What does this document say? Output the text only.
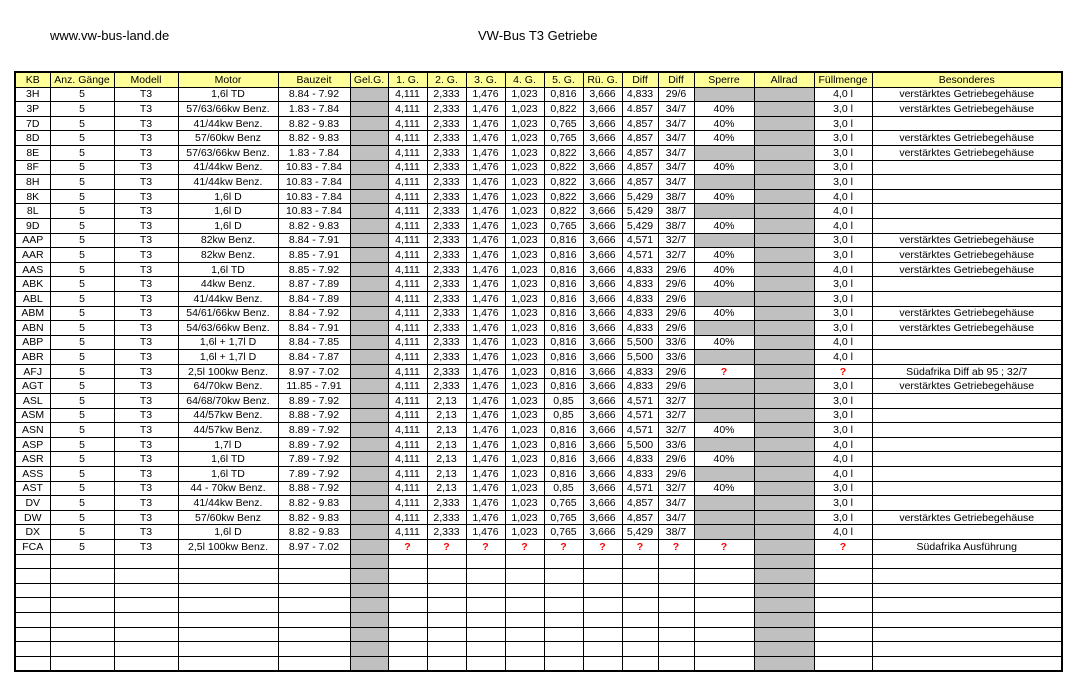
www.vw-bus-land.de	VW-Bus T3 Getriebe
KB	Anz. Gänge	Modell	Motor	Bauzeit	Gel.G.	1. G.	2. G.	3. G.	4. G.	5. G.	Rü. G.	Diff	Diff	Sperre	Allrad	Füllmenge	Besonderes
3H	5	T3	1,6l TD	8.84 - 7.92		4,111	2,333	1,476	1,023	0,816	3,666	4,833	29/6			4,0 l	verstärktes Getriebegehäuse
3P	5	T3	57/63/66kw Benz.	1.83 - 7.84		4,111	2,333	1,476	1,023	0,822	3,666	4.857	34/7	40%		3,0 l	verstärktes Getriebegehäuse
7D	5	T3	41/44kw Benz.	8.82 - 9.83		4,111	2,333	1,476	1,023	0,765	3,666	4,857	34/7	40%		3,0 l	
8D	5	T3	57/60kw Benz	8.82 - 9.83		4,111	2,333	1,476	1,023	0,765	3,666	4,857	34/7	40%		3,0 l	verstärktes Getriebegehäuse
8E	5	T3	57/63/66kw Benz.	1.83 - 7.84		4,111	2,333	1,476	1,023	0,822	3,666	4,857	34/7			3,0 l	verstärktes Getriebegehäuse
8F	5	T3	41/44kw Benz.	10.83 - 7.84		4,111	2,333	1,476	1,023	0,822	3,666	4,857	34/7	40%		3,0 l	
8H	5	T3	41/44kw Benz.	10.83 - 7.84		4,111	2,333	1,476	1,023	0,822	3,666	4,857	34/7			3,0 l	
8K	5	T3	1,6l D	10.83 - 7.84		4,111	2,333	1,476	1,023	0,822	3,666	5,429	38/7	40%		4,0 l	
8L	5	T3	1,6l D	10.83 - 7.84		4,111	2,333	1,476	1,023	0,822	3,666	5,429	38/7			4,0 l	
9D	5	T3	1,6l D	8.82 - 9.83		4,111	2,333	1,476	1,023	0,765	3,666	5,429	38/7	40%		4,0 l	
AAP	5	T3	82kw Benz.	8.84 - 7.91		4,111	2,333	1,476	1,023	0,816	3,666	4,571	32/7			3,0 l	verstärktes Getriebegehäuse
AAR	5	T3	82kw Benz.	8.85 - 7.91		4,111	2,333	1,476	1,023	0,816	3,666	4,571	32/7	40%		3,0 l	verstärktes Getriebegehäuse
AAS	5	T3	1,6l TD	8.85 - 7.92		4,111	2,333	1,476	1,023	0,816	3,666	4,833	29/6	40%		4,0 l	verstärktes Getriebegehäuse
ABK	5	T3	44kw Benz.	8.87 - 7.89		4,111	2,333	1,476	1,023	0,816	3,666	4,833	29/6	40%		3,0 l	
ABL	5	T3	41/44kw Benz.	8.84 - 7.89		4,111	2,333	1,476	1,023	0,816	3,666	4,833	29/6			3,0 l	
ABM	5	T3	54/61/66kw Benz.	8.84 - 7.92		4,111	2,333	1,476	1,023	0,816	3,666	4,833	29/6	40%		3,0 l	verstärktes Getriebegehäuse
ABN	5	T3	54/63/66kw Benz.	8.84 - 7.91		4,111	2,333	1,476	1,023	0,816	3,666	4,833	29/6			3,0 l	verstärktes Getriebegehäuse
ABP	5	T3	1,6l + 1,7l D	8.84 - 7.85		4,111	2,333	1,476	1,023	0,816	3,666	5,500	33/6	40%		4,0 l	
ABR	5	T3	1,6l + 1,7l D	8.84 - 7.87		4,111	2,333	1,476	1,023	0,816	3,666	5,500	33/6			4,0 l	
AFJ	5	T3	2,5l 100kw Benz.	8.97 - 7.02		4,111	2,333	1,476	1,023	0,816	3,666	4,833	29/6	?		?	Südafrika Diff ab 95 ; 32/7
AGT	5	T3	64/70kw Benz.	11.85 - 7.91		4,111	2,333	1,476	1,023	0,816	3,666	4,833	29/6			3,0 l	verstärktes Getriebegehäuse
ASL	5	T3	64/68/70kw Benz.	8.89 - 7.92		4,111	2,13	1,476	1,023	0,85	3,666	4,571	32/7			3,0 l	
ASM	5	T3	44/57kw Benz.	8.88 - 7.92		4,111	2,13	1,476	1,023	0,85	3,666	4,571	32/7			3,0 l	
ASN	5	T3	44/57kw Benz.	8.89 - 7.92		4,111	2,13	1,476	1,023	0,816	3,666	4,571	32/7	40%		3,0 l	
ASP	5	T3	1,7l D	8.89 - 7.92		4,111	2,13	1,476	1,023	0,816	3,666	5,500	33/6			4,0 l	
ASR	5	T3	1,6l TD	7.89 - 7.92		4,111	2,13	1,476	1,023	0,816	3,666	4,833	29/6	40%		4,0 l	
ASS	5	T3	1,6l TD	7.89 - 7.92		4,111	2,13	1,476	1,023	0,816	3,666	4,833	29/6			4,0 l	
AST	5	T3	44 - 70kw Benz.	8.88 - 7.92		4,111	2,13	1,476	1,023	0,85	3,666	4,571	32/7	40%		3,0 l	
DV	5	T3	41/44kw Benz.	8.82 - 9.83		4,111	2,333	1,476	1,023	0,765	3,666	4,857	34/7			3,0 l	
DW	5	T3	57/60kw Benz	8.82 - 9.83		4,111	2,333	1,476	1,023	0,765	3,666	4,857	34/7			3,0 l	verstärktes Getriebegehäuse
DX	5	T3	1,6l D	8.82 - 9.83		4,111	2,333	1,476	1,023	0,765	3,666	5,429	38/7			4,0 l	
FCA	5	T3	2,5l 100kw Benz.	8.97 - 7.02		?	?	?	?	?	?	?	?	?		?	Südafrika Ausführung
